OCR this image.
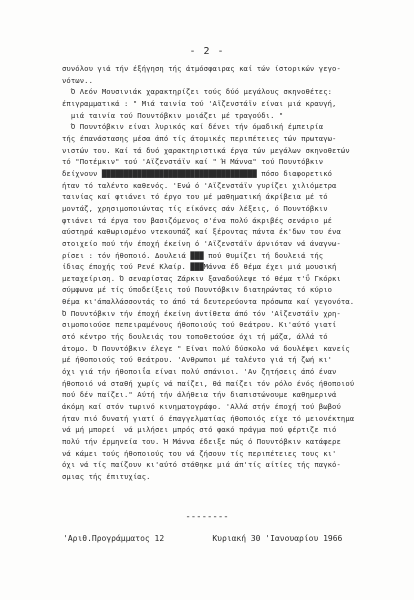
- 2 -
συνόλου γιά τήν έξήγηση τής άτμόσφαιρας καί τών ίστορικών γεγο-
νότων..
Ό Λεόν Μουσινιάκ χαρακτηρίζει τούς δύό μεγάλους σκηνοθέτες:
έπιγραμματικά : " Μιά ταινία τού 'Αϊζενστάϊν είναι μιά κραυγή,
μιά ταινία τού Πουντόβκιν μοιάζει μέ τραγούδι. "
Ό Πουντόβκιν είναι λυρικός καί δένει τήν όμαδική έμπειρία
τής έπανάστασης μέσα άπό τίς άτομικές περιπέτειες τών πρωταγω-
νιστών του. Καί τά δυό χαρακτηριστικά έργα τών μεγάλων σκηνοθετών
τό "Ποτέμκιν" τού 'Αϊζενστάϊν καί " Ή Μάννα" τού Πουντόβκιν
δείχνουν ███████████████████████████████████ πόσο διαφορετικό
ήταν τό ταλέντο καθενός. 'Ενώ ό 'Αϊζενστάϊν γυρίζει χιλιόμετρα
ταινίας καί φτιάνει τό έργο του μέ μαθηματική άκρίβεια μέ τό
μοντάζ, χρησιμοποιώντας τίς είκόνες σάν λέξεις, ό Πουντόβκιν
φτιάνει τά έργα του βασιζόμενος σ'ένα πολύ άκριβές σενάριο μέ
αύστηρά καθωρισμένο ντεκουπάζ καί ξέροντας πάντα έκ'δων του ένα
στοιχείο πού τήν έποχή έκείνη ό 'Αϊζενστάϊν άρνιόταν νά άναγνω-
ρίσει : τόν ήθοποιό. Δουλειά ███ πού θυμίζει τή δουλειά τής
ίδιας έποχής τού Ρενέ Κλαίρ. ███Μάννα έδ θέμα έχει μιά μουσική
μεταχείριση. Ό σεναρίστας Ζάρκιν ξαναδούλεψε τό θέμα τ'ΰ Γκόρκι
σύμφωνα μέ τίς ύποδείξεις τού Πουντόβκιν διατηρώντας τό κύριο
θέμα κι'άπαλλάσσοντάς το άπό τά δευτερεύοντα πρόσωπα καί γεγονότα.
Ό Πουντόβκιν τήν έποχή έκείνη άντίθετα άπό τόν 'Αϊζενστάϊν χρη-
σιμοποιούσε πεπειραμένους ήθοποιούς τού θεάτρου. Κι'αύτό γιατί
στό κέντρο τής δουλειάς του τοποθετούσε όχι τή μάζα, άλλά τό
άτομο. Ό Πουντόβκιν έλεγε " Είναι πολύ δύσκολο νά δουλέψει κανείς
μέ ήθοποιούς τού θεάτρου. 'Ανθρωποι μέ ταλέντο γιά τή ζωή κι'
όχι γιά τήν ήθοποιΐα είναι πολύ σπάνιοι. 'Αν ζητήσεις άπό έναν
ήθοποιό νά σταθή χωρίς νά παίζει, θά παίζει τόν ρόλο ένός ήθοποιού
πού δέν παίζει." Αύτή τήν άλήθεια τήν διαπιστώνουμε καθημερινά
άκόμη καί στόν τωρινό κινηματογράφο. 'Αλλά στήν έποχή τού βωβού
ήταν πιό δυνατή γιατί ό έπαγγελματίας ήθοποιός είχε τό μειονέκτημα
νά μή μπορεί  νά μιλήσει μπρός στό φακό πράγμα πού φέρτιζε πιό
πολύ τήν έρμηνεία του. Ή Μάννα έδειξε πώς ό Πουντόβκιν κατάφερε
νά κάμει τούς ήθοποιούς του νά ζήσουν τίς περιπέτειες τους κι'
όχι νά τίς παίζουν κι'αύτό στάθηκε μιά άπ'τίς αίτίες τής παγκό-
σμιας τής έπιτυχίας.
--------
'Αριθ.Προγράμματος 12	Κυριακή 30 'Ιανουαρίου 1966
